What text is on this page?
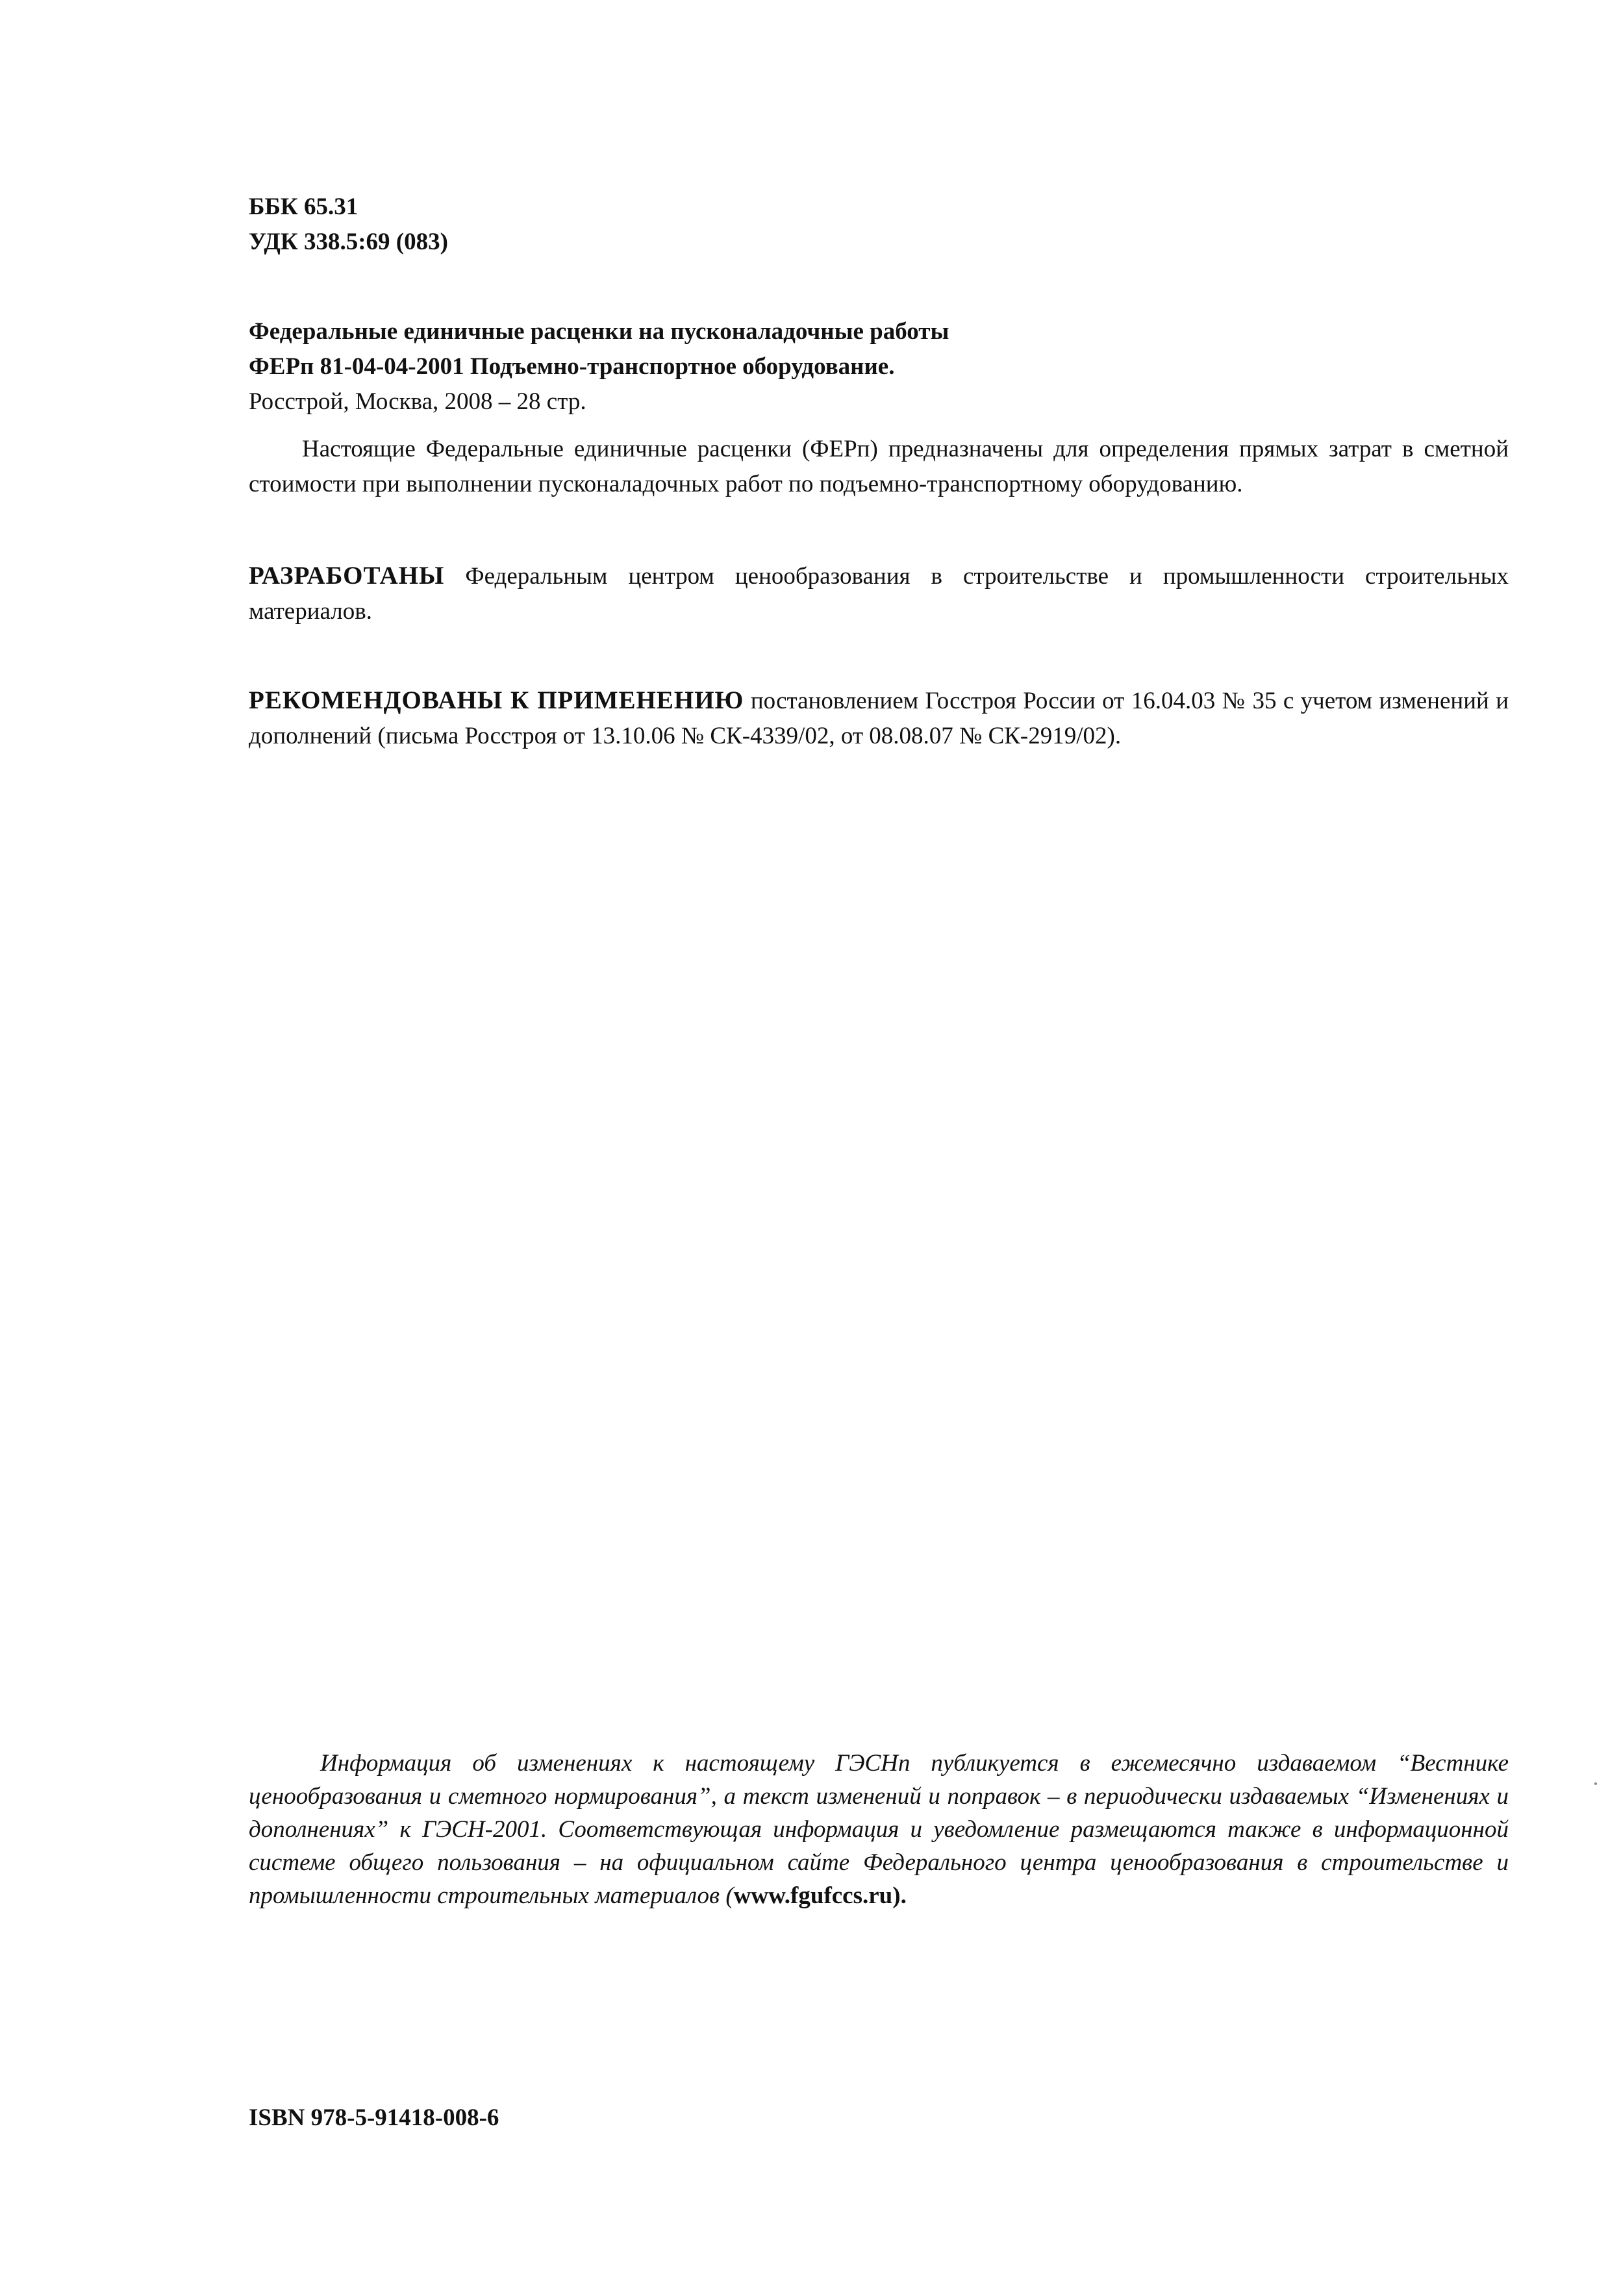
ББК 65.31
УДК 338.5:69 (083)
Федеральные единичные расценки на пусконаладочные работы
ФЕРп 81-04-04-2001 Подъемно-транспортное оборудование.
Росстрой, Москва, 2008 – 28 стр.
Настоящие Федеральные единичные расценки (ФЕРп) предназначены для определения прямых затрат в сметной стоимости при выполнении пусконаладочных работ по подъемно-транспортному оборудованию.
РАЗРАБОТАНЫ Федеральным центром ценообразования в строительстве и промышленности строительных материалов.
РЕКОМЕНДОВАНЫ К ПРИМЕНЕНИЮ постановлением Госстроя России от 16.04.03 № 35 с учетом изменений и дополнений (письма Росстроя от 13.10.06 № СК-4339/02, от 08.08.07 № СК-2919/02).
Информация об изменениях к настоящему ГЭСНп публикуется в ежемесячно издаваемом “Вестнике ценообразования и сметного нормирования”, а текст изменений и поправок – в периодически издаваемых “Изменениях и дополнениях” к ГЭСН-2001. Соответствующая информация и уведомление размещаются также в информационной системе общего пользования – на официальном сайте Федерального центра ценообразования в строительстве и промышленности строительных материалов (www.fgufccs.ru).
ISBN 978-5-91418-008-6
